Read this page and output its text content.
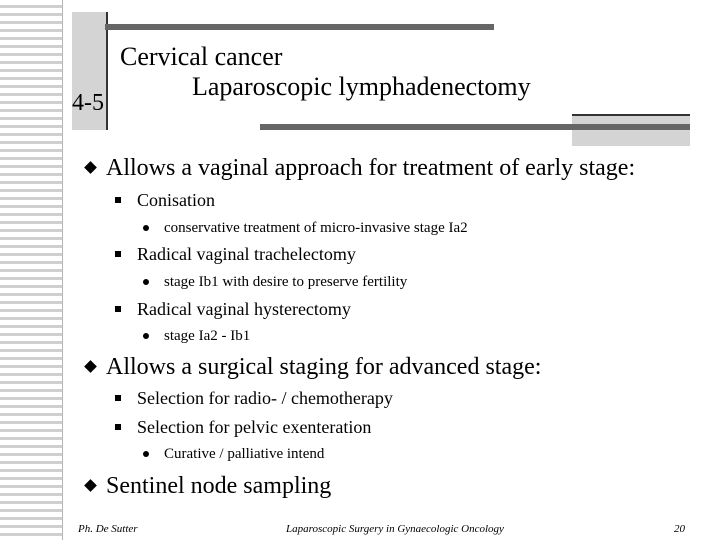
Cervical cancer
Laparoscopic lymphadenectomy
4-5
Allows a vaginal approach for treatment of early stage:
Conisation
conservative treatment of micro-invasive stage Ia2
Radical vaginal trachelectomy
stage Ib1 with desire to preserve fertility
Radical vaginal hysterectomy
stage Ia2 - Ib1
Allows a surgical staging for advanced stage:
Selection for radio- / chemotherapy
Selection for pelvic exenteration
Curative / palliative intend
Sentinel node sampling
Ph. De Sutter	Laparoscopic Surgery in Gynaecologic Oncology	20
